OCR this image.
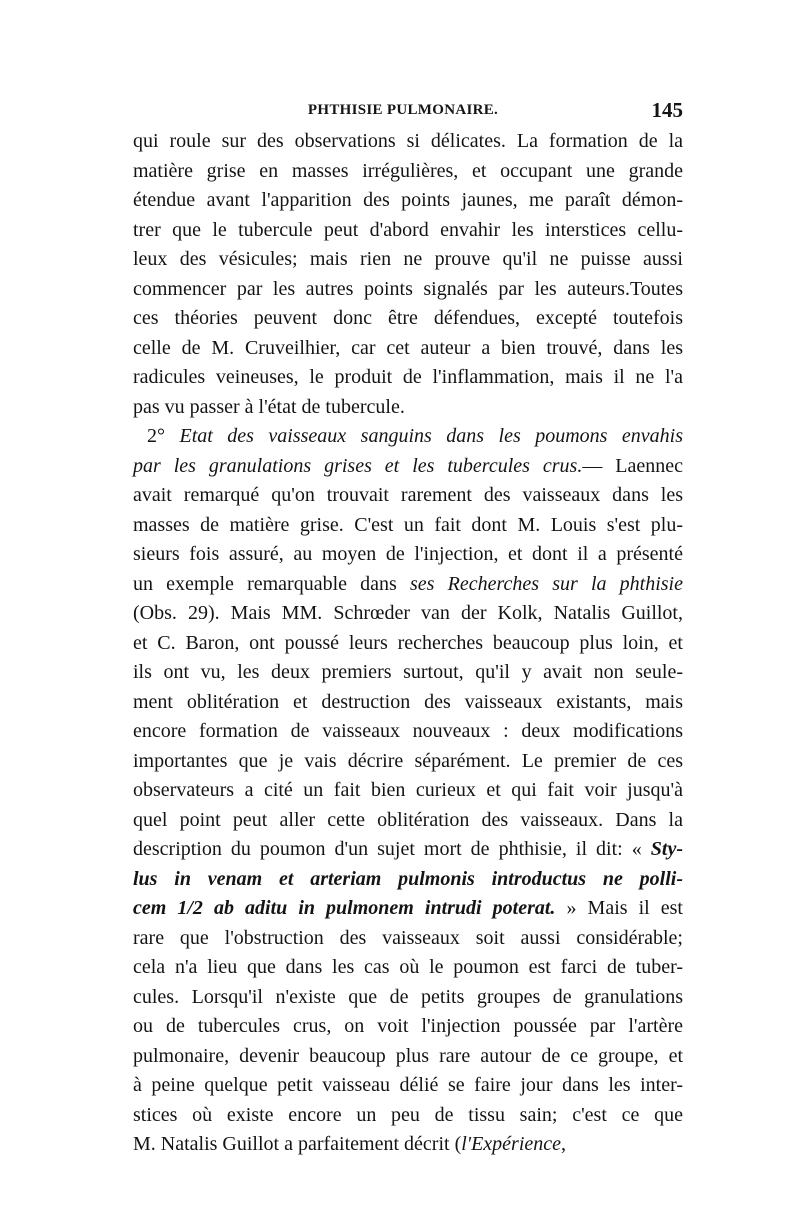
PHTHISIE PULMONAIRE.	145
qui roule sur des observations si délicates. La formation de la
matière grise en masses irrégulières, et occupant une grande
étendue avant l'apparition des points jaunes, me paraît démon-
trer que le tubercule peut d'abord envahir les interstices cellu-
leux des vésicules; mais rien ne prouve qu'il ne puisse aussi
commencer par les autres points signalés par les auteurs.Toutes
ces théories peuvent donc être défendues, excepté toutefois
celle de M. Cruveilhier, car cet auteur a bien trouvé, dans les
radicules veineuses, le produit de l'inflammation, mais il ne l'a
pas vu passer à l'état de tubercule.
2° Etat des vaisseaux sanguins dans les poumons envahis
par les granulations grises et les tubercules crus.— Laennec
avait remarqué qu'on trouvait rarement des vaisseaux dans les
masses de matière grise. C'est un fait dont M. Louis s'est plu-
sieurs fois assuré, au moyen de l'injection, et dont il a présenté
un exemple remarquable dans ses Recherches sur la phthisie
(Obs. 29). Mais MM. Schrœder van der Kolk, Natalis Guillot,
et C. Baron, ont poussé leurs recherches beaucoup plus loin, et
ils ont vu, les deux premiers surtout, qu'il y avait non seule-
ment oblitération et destruction des vaisseaux existants, mais
encore formation de vaisseaux nouveaux : deux modifications
importantes que je vais décrire séparément. Le premier de ces
observateurs a cité un fait bien curieux et qui fait voir jusqu'à
quel point peut aller cette oblitération des vaisseaux. Dans la
description du poumon d'un sujet mort de phthisie, il dit: « Sty-
lus in venam et arteriam pulmonis introductus ne polli-
cem 1/2 ab aditu in pulmonem intrudi poterat. » Mais il est
rare que l'obstruction des vaisseaux soit aussi considérable;
cela n'a lieu que dans les cas où le poumon est farci de tuber-
cules. Lorsqu'il n'existe que de petits groupes de granulations
ou de tubercules crus, on voit l'injection poussée par l'artère
pulmonaire, devenir beaucoup plus rare autour de ce groupe, et
à peine quelque petit vaisseau délié se faire jour dans les inter-
stices où existe encore un peu de tissu sain; c'est ce que
M. Natalis Guillot a parfaitement décrit (l'Expérience,
